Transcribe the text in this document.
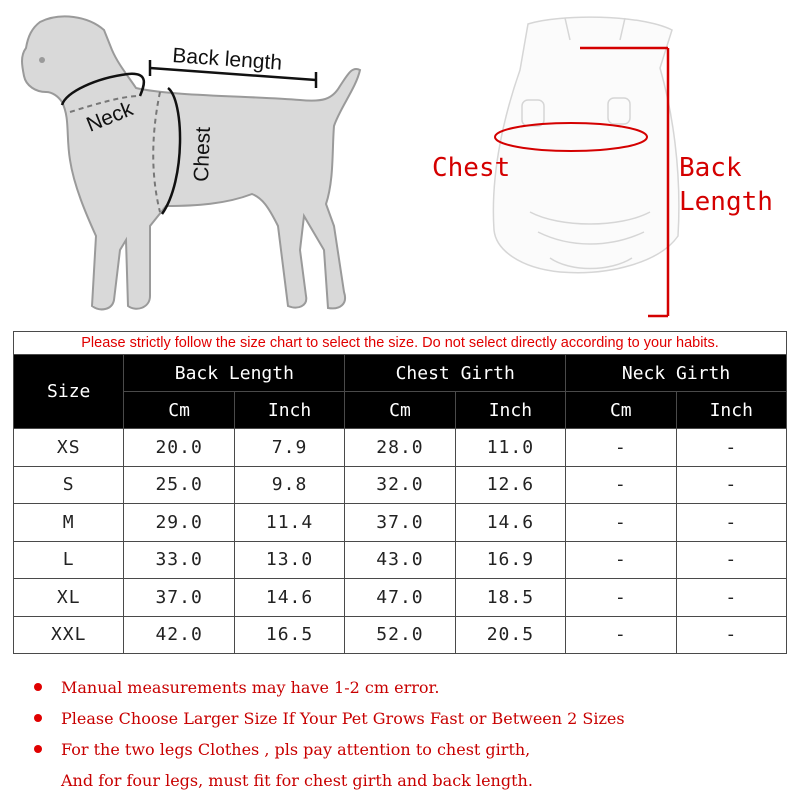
Back length
Neck
Chest	Chest	Back
Length

Please strictly follow the size chart to select the size. Do not select directly according to your habits.						
Size	Back Length		Chest Girth		Neck Girth	
	Cm	Inch	Cm	Inch	Cm	Inch
XS	20.0	7.9	28.0	11.0	-	-
S	25.0	9.8	32.0	12.6	-	-
M	29.0	11.4	37.0	14.6	-	-
L	33.0	13.0	43.0	16.9	-	-
XL	37.0	14.6	47.0	18.5	-	-
XXL	42.0	16.5	52.0	20.5	-	-
Manual measurements may have 1-2 cm error.
Please Choose Larger Size If Your Pet Grows Fast or Between 2 Sizes
For the two legs Clothes , pls pay attention to chest girth,
And for four legs, must fit for chest girth and back length.
